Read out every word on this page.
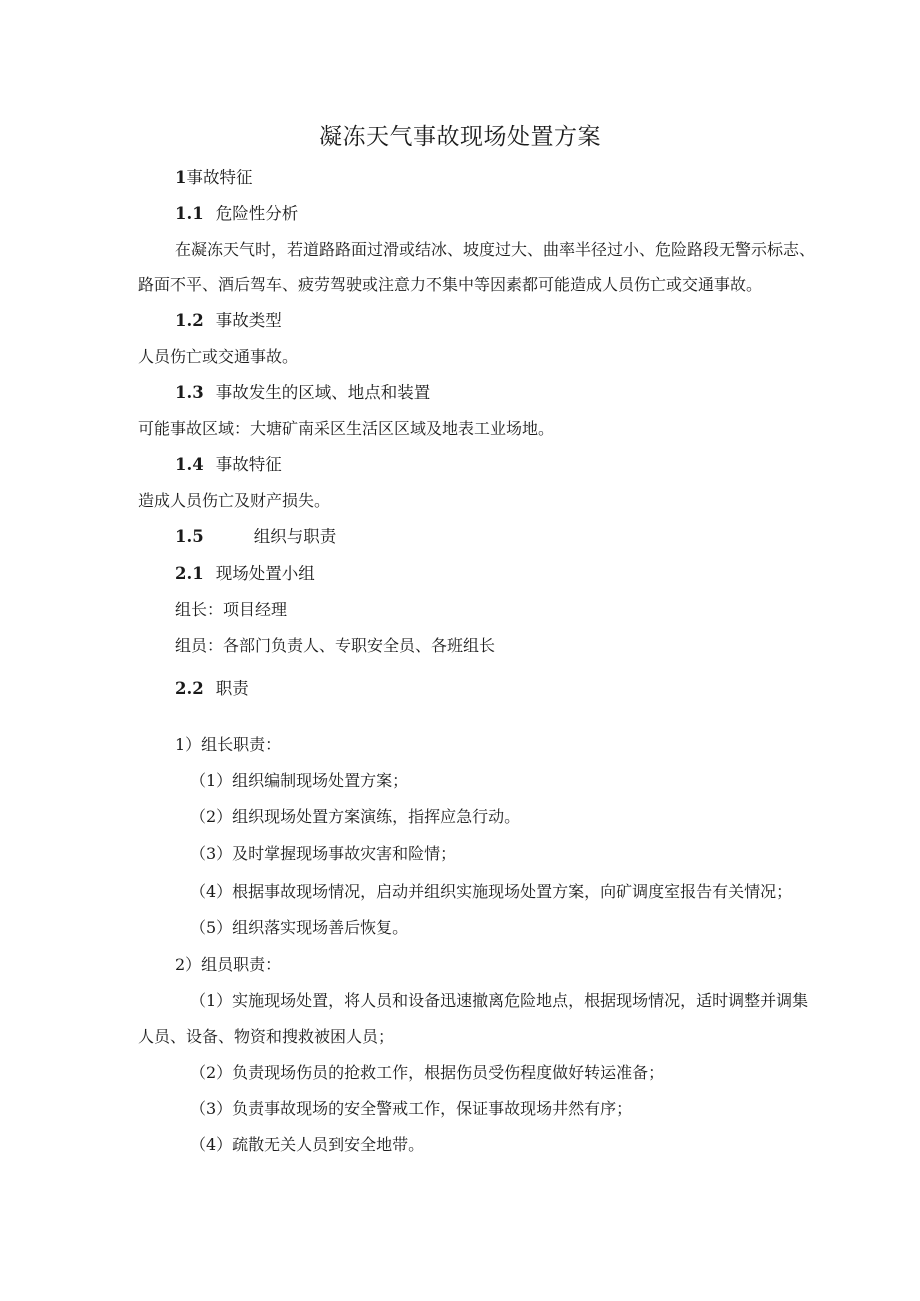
凝冻天气事故现场处置方案
1事故特征
1.1 危险性分析
在凝冻天气时，若道路路面过滑或结冰、坡度过大、曲率半径过小、危险路段无警示标志、
路面不平、酒后驾车、疲劳驾驶或注意力不集中等因素都可能造成人员伤亡或交通事故。
1.2 事故类型
人员伤亡或交通事故。
1.3 事故发生的区域、地点和装置
可能事故区域：大塘矿南采区生活区区域及地表工业场地。
1.4 事故特征
造成人员伤亡及财产损失。
1.5	组织与职责
2.1 现场处置小组
组长：项目经理
组员：各部门负责人、专职安全员、各班组长
2.2 职责
1）组长职责：
（1）组织编制现场处置方案；
（2）组织现场处置方案演练，指挥应急行动。
（3）及时掌握现场事故灾害和险情；
（4）根据事故现场情况，启动并组织实施现场处置方案，向矿调度室报告有关情况；
（5）组织落实现场善后恢复。
2）组员职责：
（1）实施现场处置，将人员和设备迅速撤离危险地点，根据现场情况，适时调整并调集
人员、设备、物资和搜救被困人员；
（2）负责现场伤员的抢救工作，根据伤员受伤程度做好转运准备；
（3）负责事故现场的安全警戒工作，保证事故现场井然有序；
（4）疏散无关人员到安全地带。
